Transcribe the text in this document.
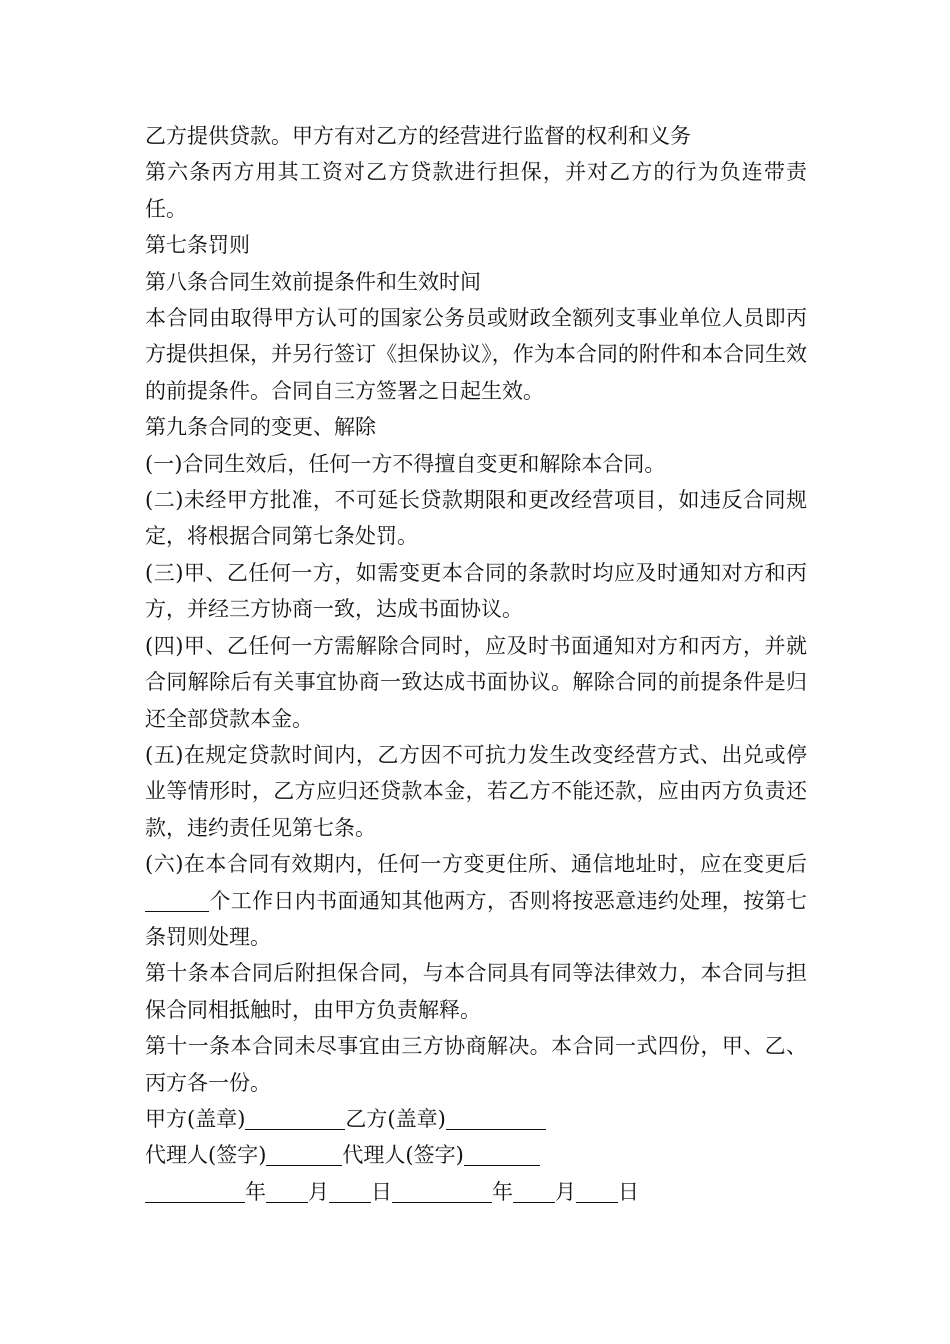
乙方提供贷款。甲方有对乙方的经营进行监督的权利和义务

第六条丙方用其工资对乙方贷款进行担保，并对乙方的行为负连带责任。

第七条罚则

第八条合同生效前提条件和生效时间

本合同由取得甲方认可的国家公务员或财政全额列支事业单位人员即丙方提供担保，并另行签订《担保协议》，作为本合同的附件和本合同生效的前提条件。合同自三方签署之日起生效。

第九条合同的变更、解除

(一)合同生效后，任何一方不得擅自变更和解除本合同。

(二)未经甲方批准，不可延长贷款期限和更改经营项目，如违反合同规定，将根据合同第七条处罚。

(三)甲、乙任何一方，如需变更本合同的条款时均应及时通知对方和丙方，并经三方协商一致，达成书面协议。

(四)甲、乙任何一方需解除合同时，应及时书面通知对方和丙方，并就合同解除后有关事宜协商一致达成书面协议。解除合同的前提条件是归还全部贷款本金。

(五)在规定贷款时间内，乙方因不可抗力发生改变经营方式、出兑或停业等情形时，乙方应归还贷款本金，若乙方不能还款，应由丙方负责还款，违约责任见第七条。

(六)在本合同有效期内，任何一方变更住所、通信地址时，应在变更后个工作日内书面通知其他两方，否则将按恶意违约处理，按第七条罚则处理。

第十条本合同后附担保合同，与本合同具有同等法律效力，本合同与担保合同相抵触时，由甲方负责解释。

第十一条本合同未尽事宜由三方协商解决。本合同一式四份，甲、乙、丙方各一份。

甲方(盖章)	乙方(盖章)

代理人(签字)	代理人(签字)

年 月 日	年 月 日
